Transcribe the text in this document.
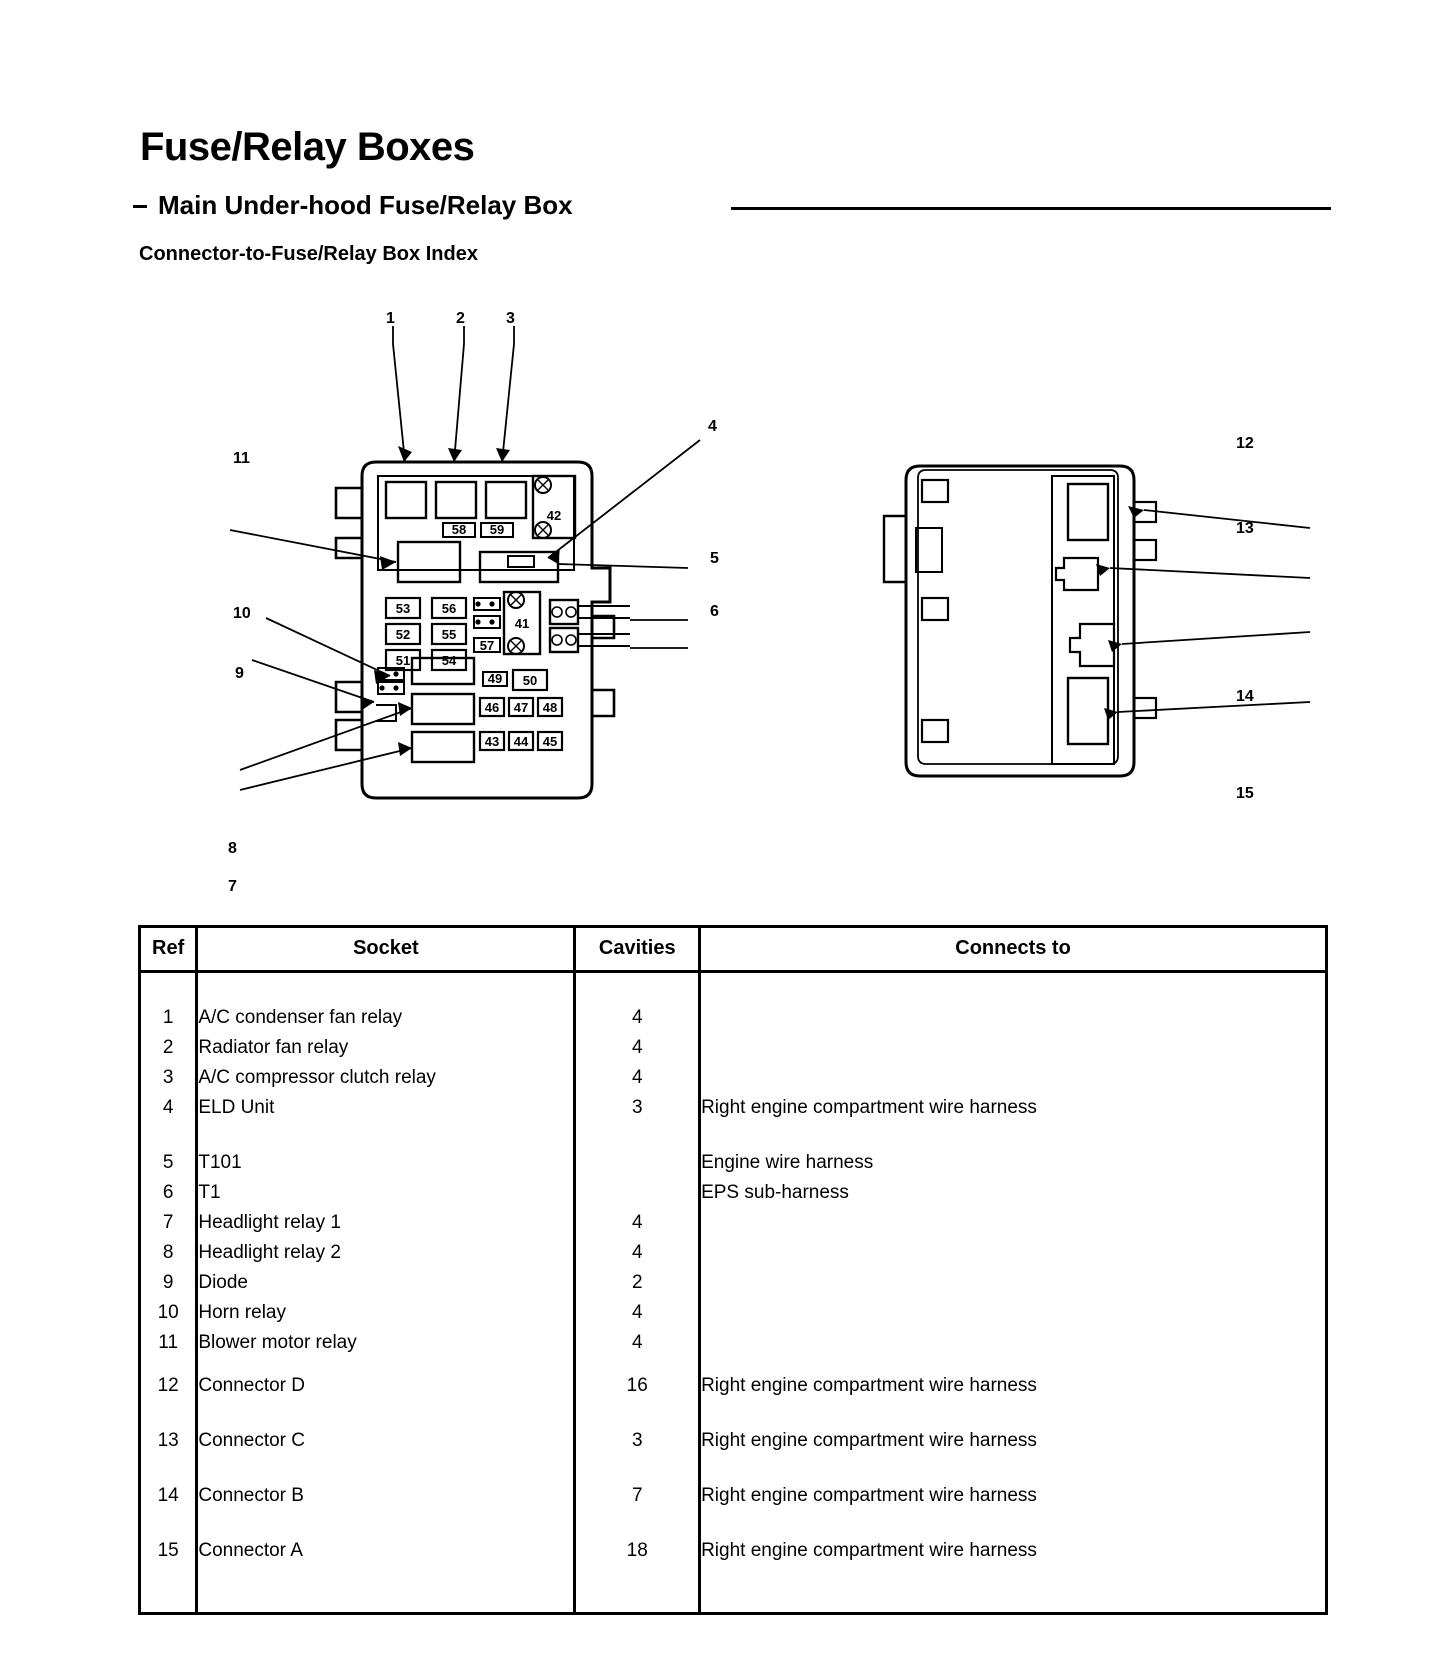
Fuse/Relay Boxes
Main Under-hood Fuse/Relay Box
Connector-to-Fuse/Relay Box Index
42
58 59
53
52
51
56
55
54
41
57
49 50
46 47 48
43 44 45
1	2	3
4
5
6
7
8
9
10
11
12
13
14
15
Ref	Socket	Cavities	Connects to

1	A/C condenser fan relay	4	
2	Radiator fan relay	4	
3	A/C compressor clutch relay	4	
4	ELD Unit	3	Right engine compartment wire harness

5	T101		Engine wire harness
6	T1		EPS sub-harness
7	Headlight relay 1	4	
8	Headlight relay 2	4	
9	Diode	2	
10	Horn relay	4	
11	Blower motor relay	4	
12	Connector D	16	Right engine compartment wire harness
13	Connector C	3	Right engine compartment wire harness
14	Connector B	7	Right engine compartment wire harness
15	Connector A	18	Right engine compartment wire harness
